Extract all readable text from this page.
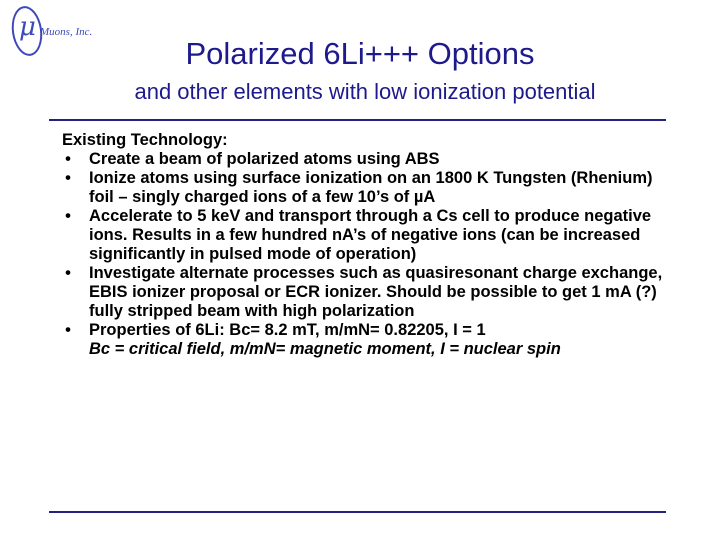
μ Muons, Inc.
Polarized 6Li+++ Options
and other elements with low ionization potential
Existing Technology:
• Create a beam of polarized atoms using ABS
• Ionize atoms using surface ionization on an 1800 K Tungsten (Rhenium) foil – singly charged ions of a few 10’s of µA
• Accelerate to 5 keV and transport through a Cs cell to produce negative ions. Results in a few hundred nA’s of negative ions (can be increased significantly in pulsed mode of operation)
• Investigate alternate processes such as quasiresonant charge exchange, EBIS ionizer proposal or ECR ionizer. Should be possible to get 1 mA (?) fully stripped beam with high polarization
• Properties of 6Li: Bc= 8.2 mT, m/mN= 0.82205, I = 1
Bc = critical field, m/mN= magnetic moment, I = nuclear spin
